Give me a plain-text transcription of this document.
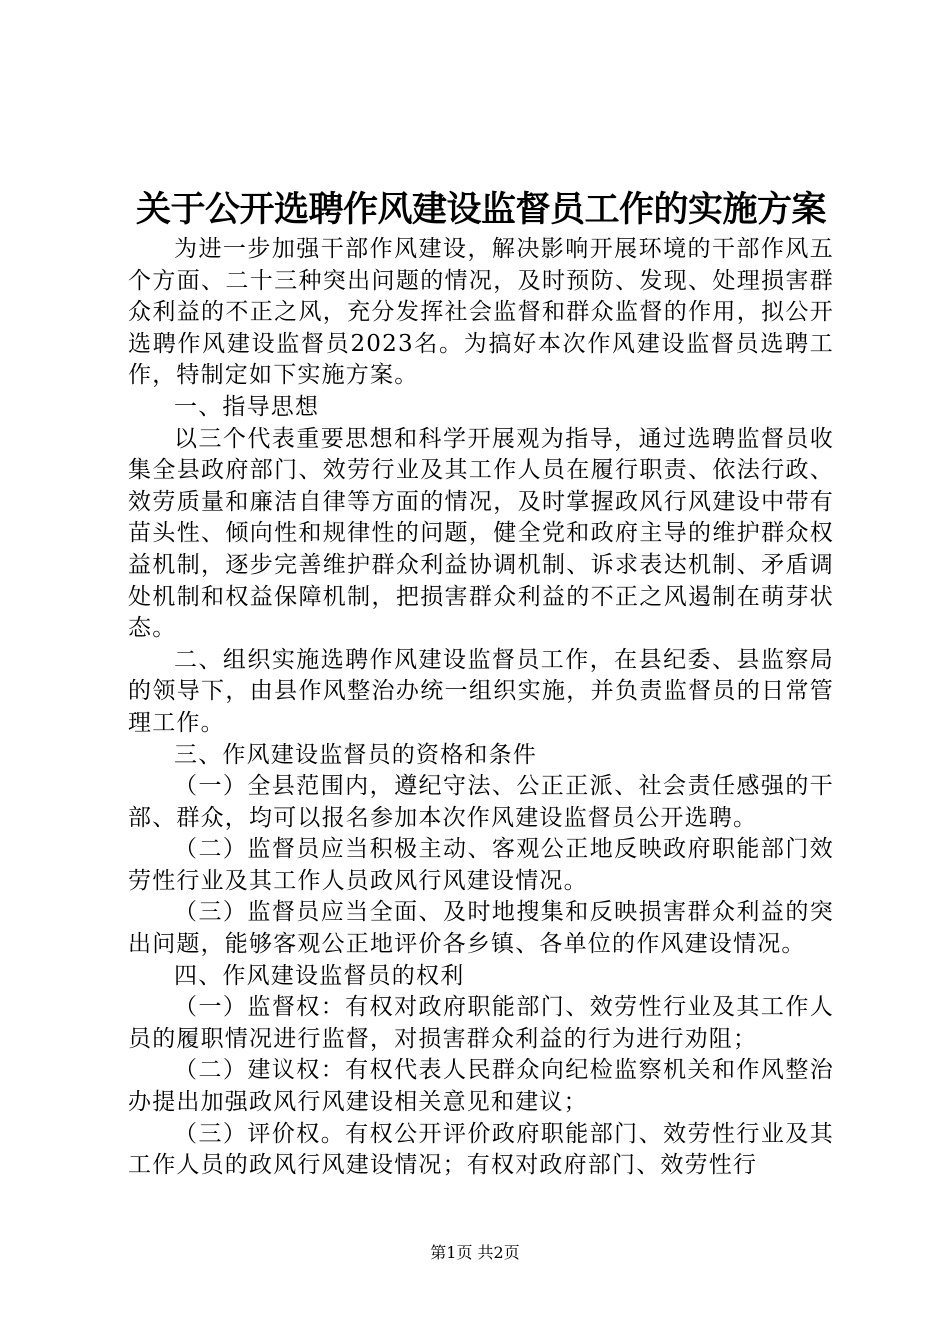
关于公开选聘作风建设监督员工作的实施方案

为进一步加强干部作风建设，解决影响开展环境的干部作风五个方面、二十三种突出问题的情况，及时预防、发现、处理损害群众利益的不正之风，充分发挥社会监督和群众监督的作用，拟公开选聘作风建设监督员2023名。为搞好本次作风建设监督员选聘工作，特制定如下实施方案。

一、指导思想

以三个代表重要思想和科学开展观为指导，通过选聘监督员收集全县政府部门、效劳行业及其工作人员在履行职责、依法行政、效劳质量和廉洁自律等方面的情况，及时掌握政风行风建设中带有苗头性、倾向性和规律性的问题，健全党和政府主导的维护群众权益机制，逐步完善维护群众利益协调机制、诉求表达机制、矛盾调处机制和权益保障机制，把损害群众利益的不正之风遏制在萌芽状态。

二、组织实施选聘作风建设监督员工作，在县纪委、县监察局的领导下，由县作风整治办统一组织实施，并负责监督员的日常管理工作。

三、作风建设监督员的资格和条件

（一）全县范围内，遵纪守法、公正正派、社会责任感强的干部、群众，均可以报名参加本次作风建设监督员公开选聘。

（二）监督员应当积极主动、客观公正地反映政府职能部门效劳性行业及其工作人员政风行风建设情况。

（三）监督员应当全面、及时地搜集和反映损害群众利益的突出问题，能够客观公正地评价各乡镇、各单位的作风建设情况。

四、作风建设监督员的权利

（一）监督权：有权对政府职能部门、效劳性行业及其工作人员的履职情况进行监督，对损害群众利益的行为进行劝阻；

（二）建议权：有权代表人民群众向纪检监察机关和作风整治办提出加强政风行风建设相关意见和建议；

（三）评价权。有权公开评价政府职能部门、效劳性行业及其工作人员的政风行风建设情况；有权对政府部门、效劳性行

第1页 共2页
